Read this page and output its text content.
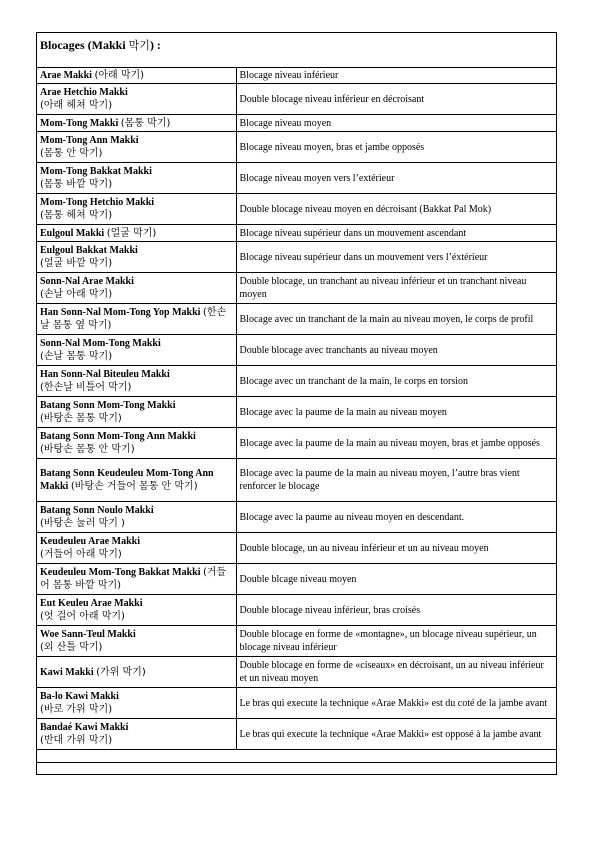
Blocages (Makki 막기) :
Arae Makki (아래 막기)	Blocage niveau inférieur
Arae Hetchio Makki
(아래 헤쳐 막기)	Double blocage niveau inférieur en décroisant
Mom-Tong Makki (몸통 막기)	Blocage niveau moyen
Mom-Tong Ann Makki
(몸통 안 막기)	Blocage niveau moyen, bras et jambe opposés
Mom-Tong Bakkat Makki
(몸통 바깥 막기)	Blocage niveau moyen vers l’extérieur
Mom-Tong Hetchio Makki
(몸통 헤쳐 막기)	Double blocage niveau moyen en décroisant (Bakkat Pal Mok)
Eulgoul Makki (얼굴 막기)	Blocage niveau supérieur dans un mouvement ascendant
Eulgoul Bakkat Makki
(얼굴 바깥 막기)	Blocage niveau supérieur dans un mouvement vers l’éxtérieur
Sonn-Nal Arae Makki
(손날 아래 막기)	Double blocage, un tranchant au niveau inférieur et un tranchant niveau moyen
Han Sonn-Nal Mom-Tong Yop Makki (한손날 몸통 옆 막기)	Blocage avec un tranchant de la main au niveau moyen, le corps de profil
Sonn-Nal Mom-Tong Makki
(손날 몸통 막기)	Double blocage avec tranchants au niveau moyen
Han Sonn-Nal Biteuleu Makki
(한손날 비틀어 막기)	Blocage avec un tranchant de la main, le corps en torsion
Batang Sonn Mom-Tong Makki
(바탕손 몸통 막기)	Blocage avec la paume de la main au niveau moyen
Batang Sonn Mom-Tong Ann Makki
(바탕손 몸통 안 막기)	Blocage avec la paume de la main au niveau moyen, bras et jambe opposés
Batang Sonn Keudeuleu Mom-Tong Ann Makki (바탕손 거들어 몸통 안 막기)	Blocage avec la paume de la main au niveau moyen, l’autre bras vient renforcer le blocage
Batang Sonn Noulo Makki
(바탕손 눌러 막기 )	Blocage avec la paume au niveau moyen en descendant.
Keudeuleu Arae Makki
(거들어 아래 막기)	Double blocage, un au niveau inférieur et un au niveau moyen
Keudeuleu Mom-Tong Bakkat Makki (거들어 몸통 바깥 막기)	Double blcage niveau moyen
Eut Keuleu Arae Makki
(엇 걸어 아래 막기)	Double blocage niveau inférieur, bras croisés
Woe Sann-Teul Makki
(외 산틀 막기)	Double blocage en forme de «montagne», un blocage niveau supérieur, un blocage niveau inférieur
Kawi Makki (가위 막기)	Double blocage en forme de «ciseaux» en décroisant, un au niveau inférieur et un niveau moyen
Ba-lo Kawi Makki
(바로 가위 막기)	Le bras qui execute la technique «Arae Makki» est du coté de la jambe avant
Bandaé Kawi Makki
(반대 가위 막기)	Le bras qui execute la technique «Arae Makki» est opposé à la jambe avant
